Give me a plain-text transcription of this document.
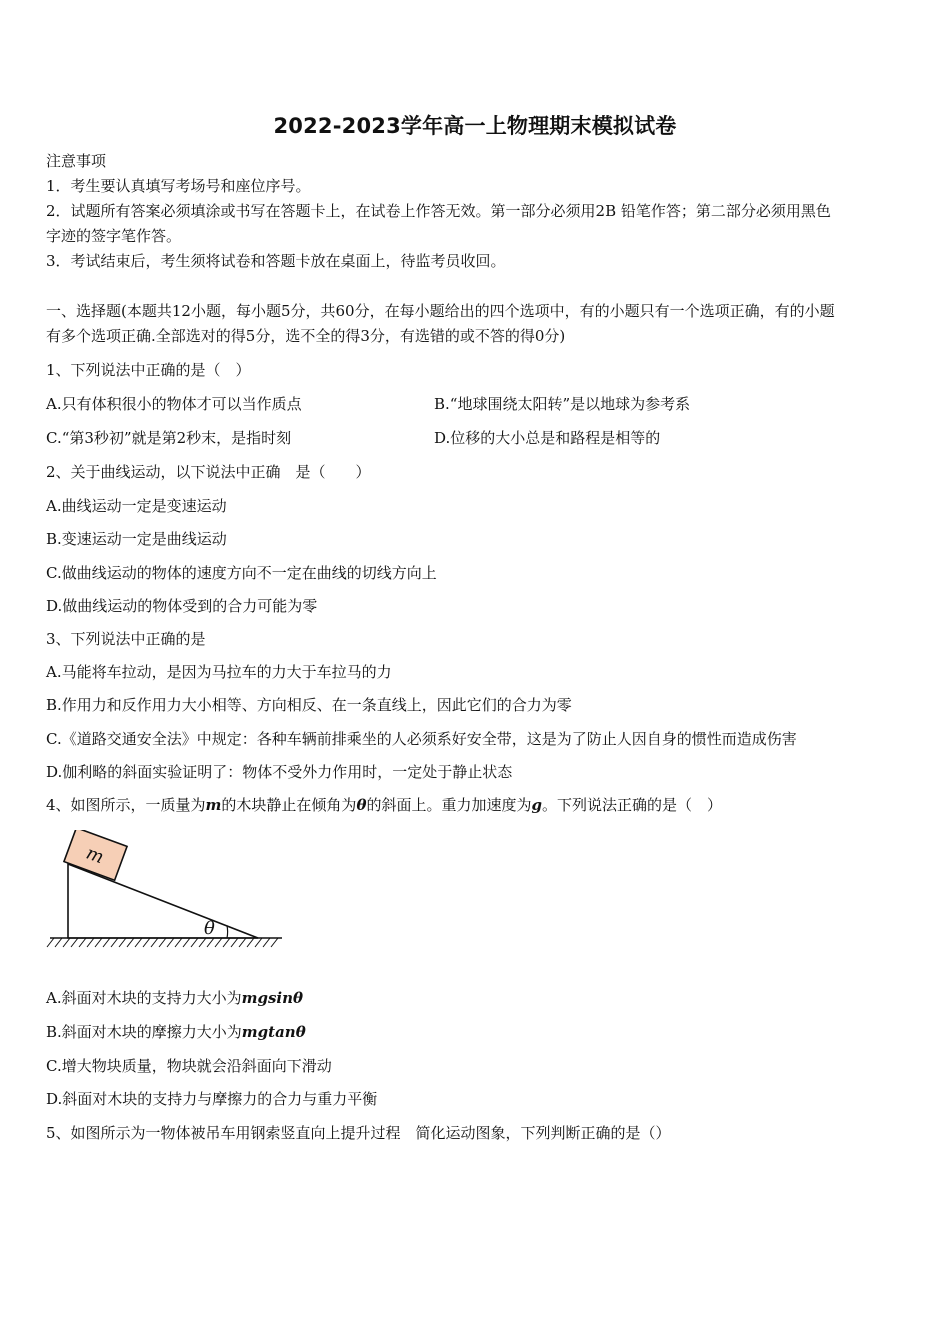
2022-2023学年高一上物理期末模拟试卷
注意事项
1．考生要认真填写考场号和座位序号。
2．试题所有答案必须填涂或书写在答题卡上，在试卷上作答无效。第一部分必须用2B 铅笔作答；第二部分必须用黑色
字迹的签字笔作答。
3．考试结束后，考生须将试卷和答题卡放在桌面上，待监考员收回。
一、选择题(本题共12小题，每小题5分，共60分，在每小题给出的四个选项中，有的小题只有一个选项正确，有的小题
有多个选项正确.全部选对的得5分，选不全的得3分，有选错的或不答的得0分)
1、下列说法中正确的是（　）
A.只有体积很小的物体才可以当作质点	B.“地球围绕太阳转”是以地球为参考系
C.“第3秒初”就是第2秒末，是指时刻	D.位移的大小总是和路程是相等的
2、关于曲线运动，以下说法中正确　是（　　）
A.曲线运动一定是变速运动
B.变速运动一定是曲线运动
C.做曲线运动的物体的速度方向不一定在曲线的切线方向上
D.做曲线运动的物体受到的合力可能为零
3、下列说法中正确的是
A.马能将车拉动，是因为马拉车的力大于车拉马的力
B.作用力和反作用力大小相等、方向相反、在一条直线上，因此它们的合力为零
C.《道路交通安全法》中规定：各种车辆前排乘坐的人必须系好安全带，这是为了防止人因自身的惯性而造成伤害
D.伽利略的斜面实验证明了：物体不受外力作用时，一定处于静止状态
4、如图所示，一质量为m的木块静止在倾角为θ的斜面上。重力加速度为g。下列说法正确的是（　）
m
θ
A.斜面对木块的支持力大小为mgsinθ
B.斜面对木块的摩擦力大小为mgtanθ
C.增大物块质量，物块就会沿斜面向下滑动
D.斜面对木块的支持力与摩擦力的合力与重力平衡
5、如图所示为一物体被吊车用钢索竖直向上提升过程　简化运动图象，下列判断正确的是（）
